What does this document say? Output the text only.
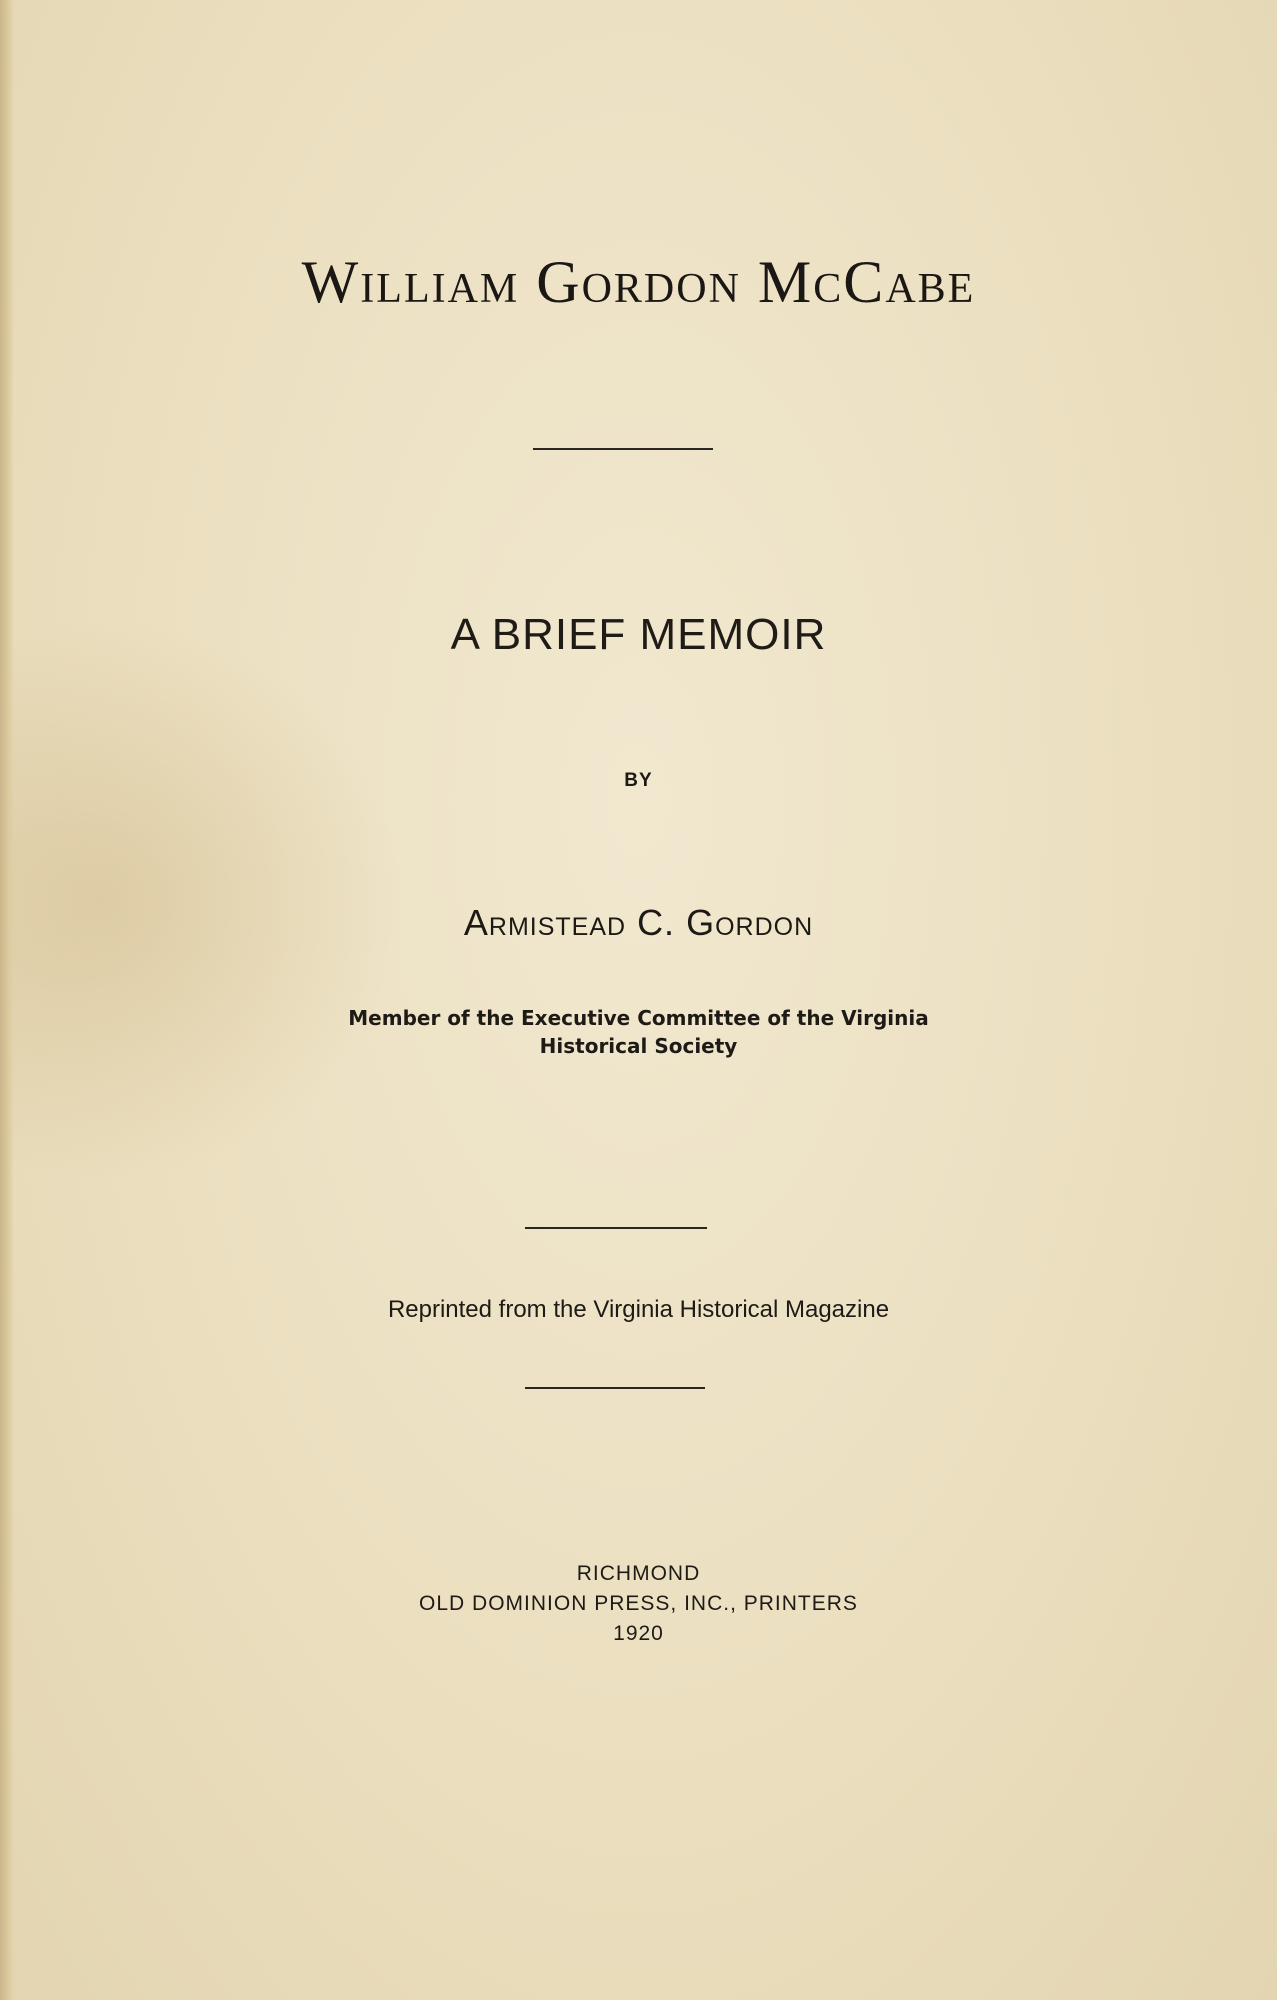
William Gordon McCabe
A BRIEF MEMOIR
BY
Armistead C. Gordon
Member of the Executive Committee of the Virginia
Historical Society
Reprinted from the Virginia Historical Magazine
RICHMOND
OLD DOMINION PRESS, INC., PRINTERS
1920
